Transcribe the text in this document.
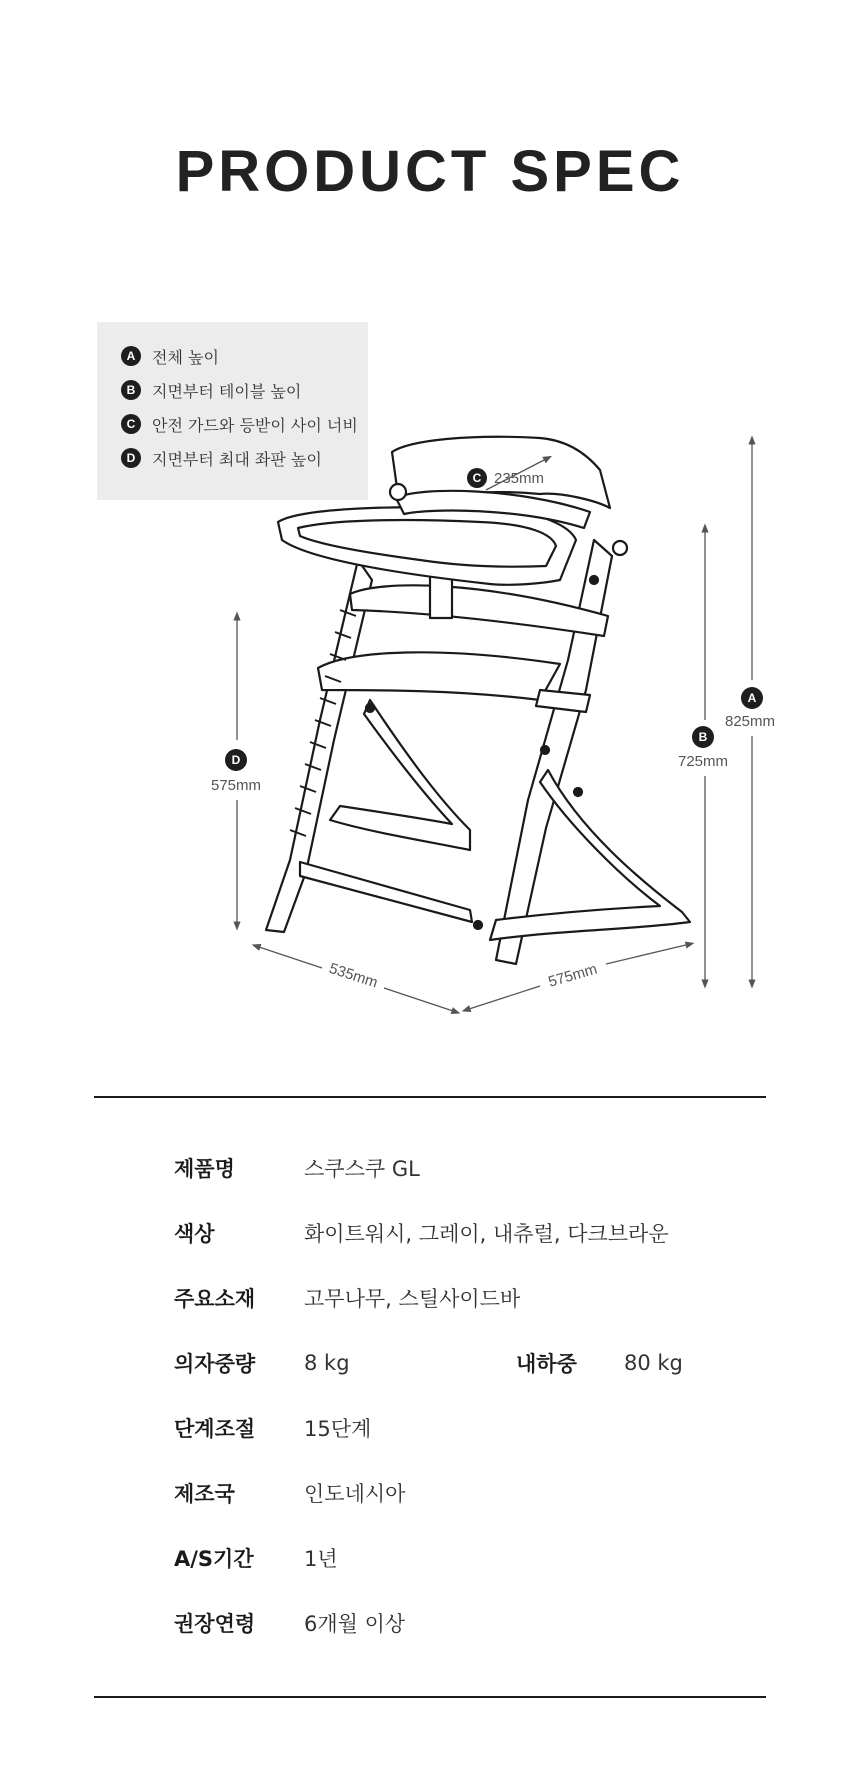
PRODUCT SPEC
A	전체 높이
B	지면부터 테이블 높이
C	안전 가드와 등받이 사이 너비
D	지면부터 최대 좌판 높이
A
825mm
B
725mm
C 235mm
D
575mm
535mm	575mm
제품명	스쿠스쿠 GL
색상	화이트워시, 그레이, 내츄럴, 다크브라운
주요소재 고무나무, 스틸사이드바
의자중량 8 kg	내하중 80 kg
단계조절 15단계
제조국	인도네시아
A/S기간 1년
권장연령 6개월 이상
